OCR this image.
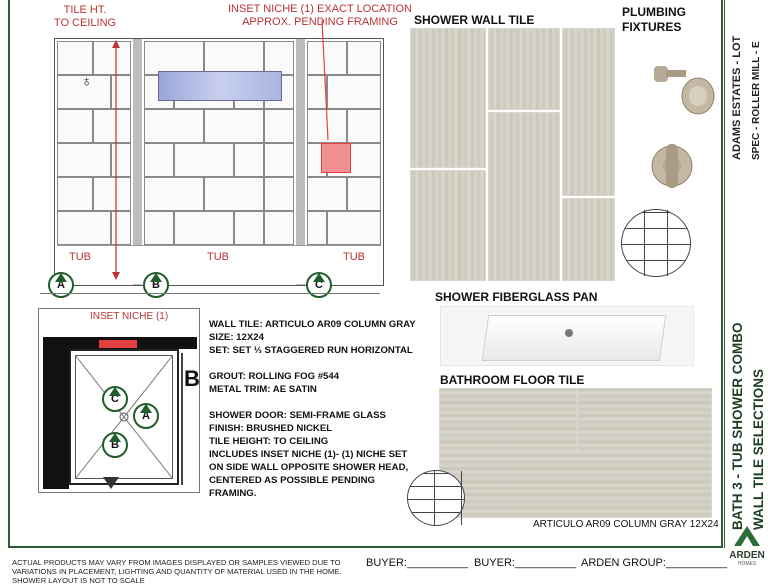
TILE HT.
TO CEILING
INSET NICHE (1) EXACT LOCATION
APPROX. PENDING FRAMING
TUB	TUB	TUB
♁
A	B	C
INSET NICHE (1)
C
A
B
B
WALL TILE: ARTICULO AR09 COLUMN GRAY
SIZE: 12X24
SET: SET ⅓ STAGGERED RUN HORIZONTAL
GROUT: ROLLING FOG #544
METAL TRIM: AE SATIN
SHOWER DOOR: SEMI-FRAME GLASS
FINISH: BRUSHED NICKEL
TILE HEIGHT: TO CEILING
INCLUDES INSET NICHE (1)- (1) NICHE SET ON SIDE WALL OPPOSITE SHOWER HEAD, CENTERED AS POSSIBLE PENDING FRAMING.
SHOWER WALL TILE
PLUMBING FIXTURES
SHOWER FIBERGLASS PAN
BATHROOM FLOOR TILE
ARTICULO AR09 COLUMN GRAY 12X24 BATH 3 - TUB SHOWER COMBO WALL TILE SELECTIONS
ADAMS ESTATES - LOT SPEC - ROLLER MILL - E
ARDEN
HOMES
ACTUAL PRODUCTS MAY VARY FROM IMAGES DISPLAYED OR SAMPLES VIEWED DUE TO VARIATIONS IN PLACEMENT, LIGHTING AND QUANTITY OF MATERIAL USED IN THE HOME. SHOWER LAYOUT IS NOT TO SCALE
BUYER:__________ BUYER:__________ ARDEN GROUP:__________
